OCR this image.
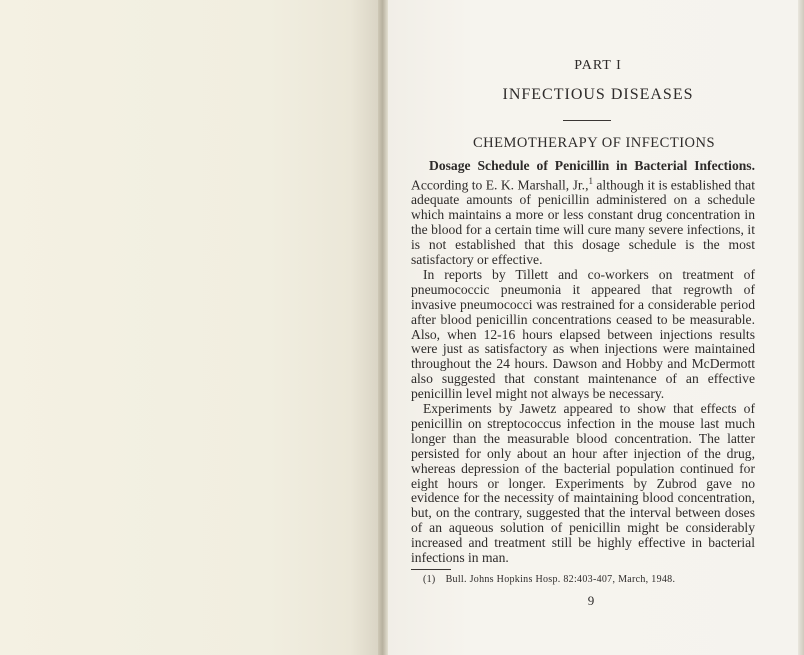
PART I
INFECTIOUS DISEASES
CHEMOTHERAPY OF INFECTIONS

Dosage Schedule of Penicillin in Bacterial Infections. According to E. K. Marshall, Jr.,$^1$ although it is established that adequate amounts of penicillin administered on a schedule which maintains a more or less constant drug concentration in the blood for a certain time will cure many severe infections, it is not established that this dosage schedule is the most satisfactory or effective.

In reports by Tillett and co-workers on treatment of pneumococcic pneumonia it appeared that regrowth of invasive pneumococci was restrained for a considerable period after blood penicillin concentrations ceased to be measurable. Also, when 12-16 hours elapsed between injections results were just as satisfactory as when injections were maintained throughout the 24 hours. Dawson and Hobby and McDermott also suggested that constant maintenance of an effective penicillin level might not always be necessary.

Experiments by Jawetz appeared to show that effects of penicillin on streptococcus infection in the mouse last much longer than the measurable blood concentration. The latter persisted for only about an hour after injection of the drug, whereas depression of the bacterial population continued for eight hours or longer. Experiments by Zubrod gave no evidence for the necessity of maintaining blood concentration, but, on the contrary, suggested that the interval between doses of an aqueous solution of penicillin might be considerably increased and treatment still be highly effective in bacterial infections in man.

(1) Bull. Johns Hopkins Hosp. 82:403-407, March, 1948.
9
